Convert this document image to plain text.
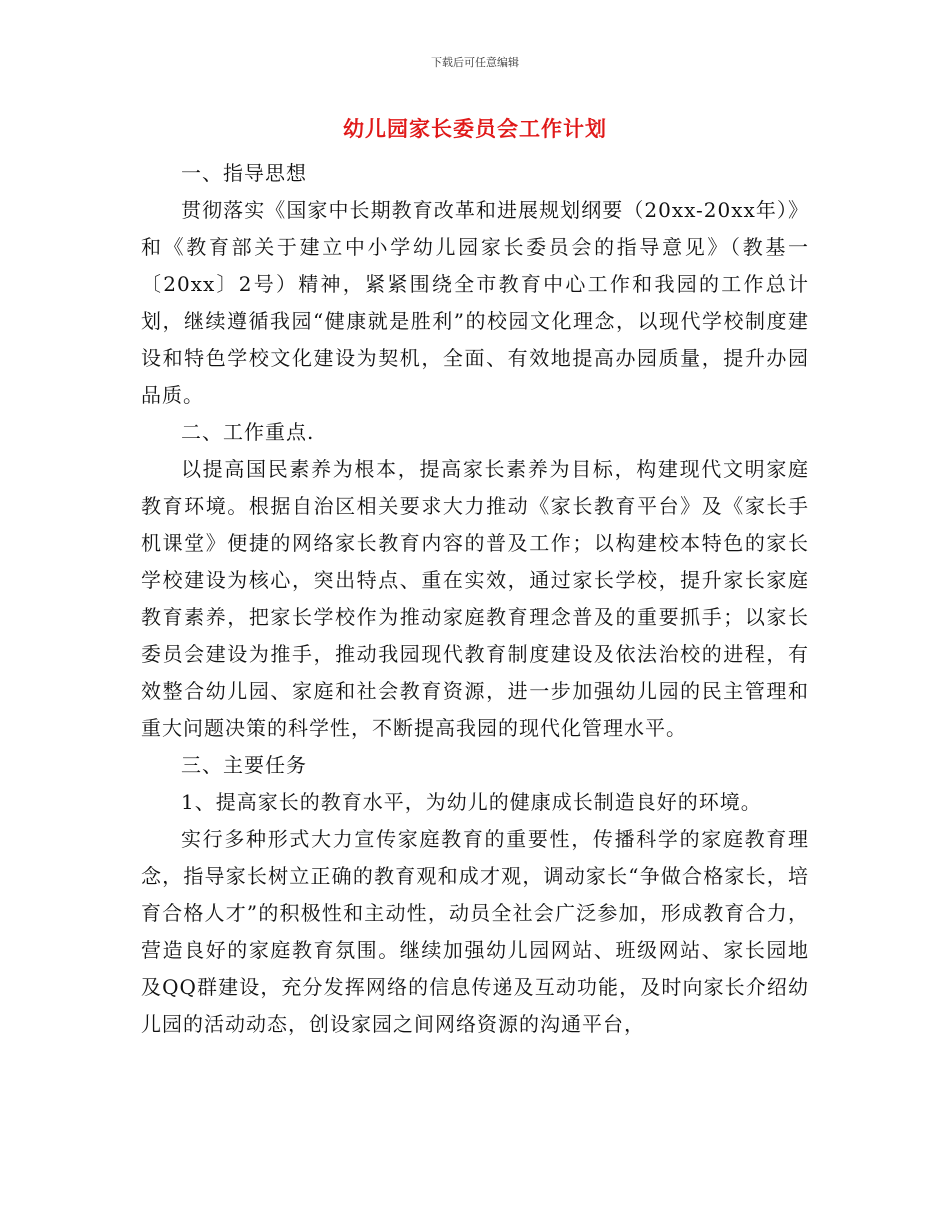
下载后可任意编辑
幼儿园家长委员会工作计划

一、指导思想

贯彻落实《国家中长期教育改革和进展规划纲要（20xx-20xx年）》和《教育部关于建立中小学幼儿园家长委员会的指导意见》（教基一〔20xx〕2号）精神，紧紧围绕全市教育中心工作和我园的工作总计划，继续遵循我园“健康就是胜利”的校园文化理念，以现代学校制度建设和特色学校文化建设为契机，全面、有效地提高办园质量，提升办园品质。

二、工作重点.

以提高国民素养为根本，提高家长素养为目标，构建现代文明家庭教育环境。根据自治区相关要求大力推动《家长教育平台》及《家长手机课堂》便捷的网络家长教育内容的普及工作；以构建校本特色的家长学校建设为核心，突出特点、重在实效，通过家长学校，提升家长家庭教育素养，把家长学校作为推动家庭教育理念普及的重要抓手；以家长委员会建设为推手，推动我园现代教育制度建设及依法治校的进程，有效整合幼儿园、家庭和社会教育资源，进一步加强幼儿园的民主管理和重大问题决策的科学性，不断提高我园的现代化管理水平。

三、主要任务

1、提高家长的教育水平，为幼儿的健康成长制造良好的环境。

实行多种形式大力宣传家庭教育的重要性，传播科学的家庭教育理念，指导家长树立正确的教育观和成才观，调动家长“争做合格家长，培育合格人才”的积极性和主动性，动员全社会广泛参加，形成教育合力，营造良好的家庭教育氛围。继续加强幼儿园网站、班级网站、家长园地及QQ群建设，充分发挥网络的信息传递及互动功能，及时向家长介绍幼儿园的活动动态，创设家园之间网络资源的沟通平台，
